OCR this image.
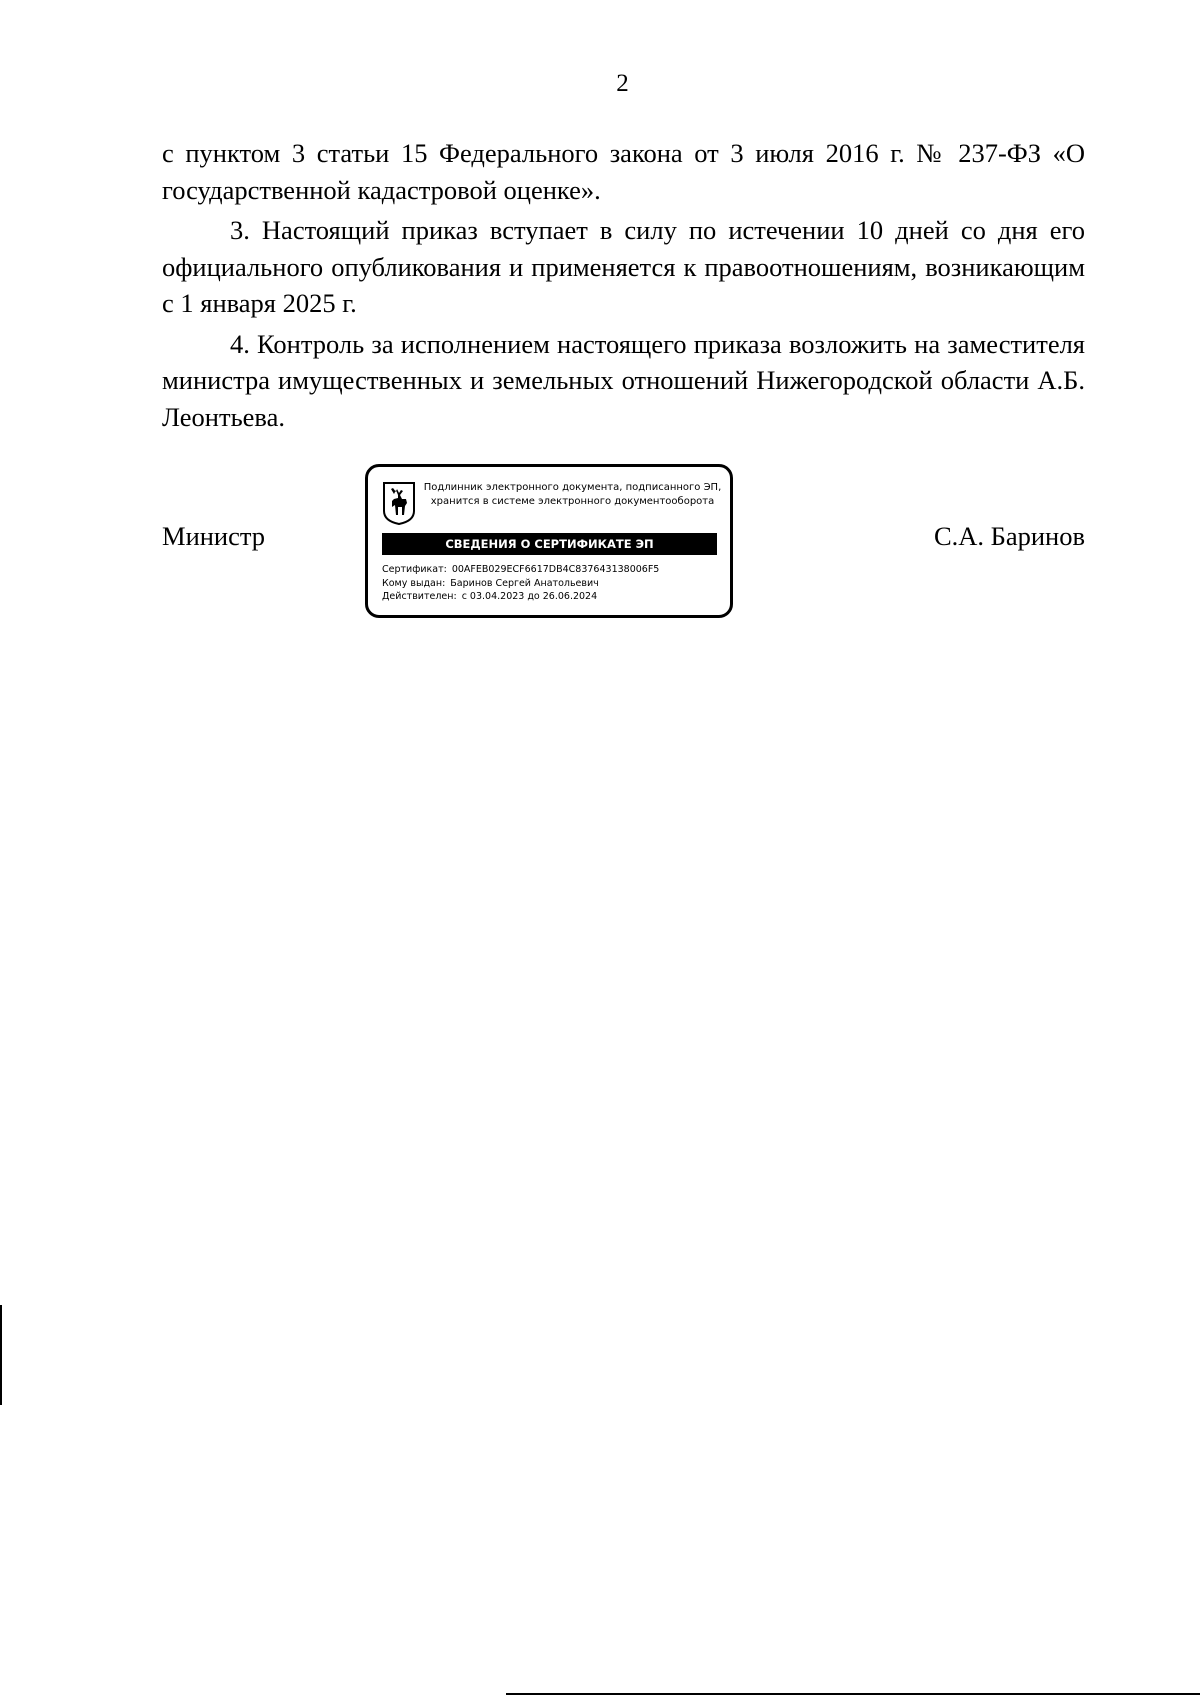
2

с пунктом 3 статьи 15 Федерального закона от 3 июля 2016 г. № 237-ФЗ «О государственной кадастровой оценке».

3. Настоящий приказ вступает в силу по истечении 10 дней со дня его официального опубликования и применяется к правоотношениям, возникающим с 1 января 2025 г.

4. Контроль за исполнением настоящего приказа возложить на заместителя министра имущественных и земельных отношений Нижегородской области А.Б. Леонтьева.

Министр	С.А. Баринов
Подлинник электронного документа, подписанного ЭП,
хранится в системе электронного документооборота
СВЕДЕНИЯ О СЕРТИФИКАТЕ ЭП
Сертификат: 00AFEB029ECF6617DB4C837643138006F5
Кому выдан: Баринов Сергей Анатольевич
Действителен: с 03.04.2023 до 26.06.2024
